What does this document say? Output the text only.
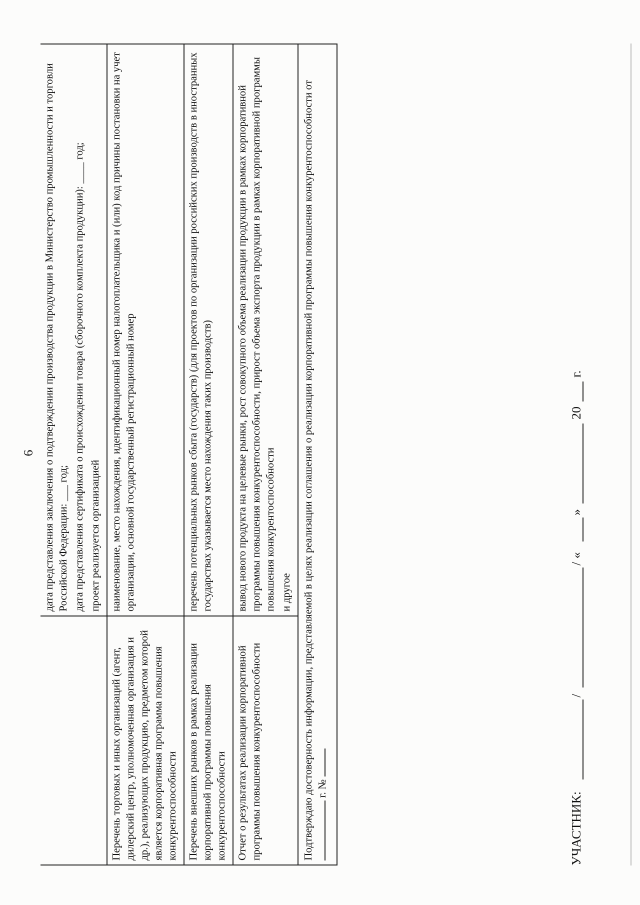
6

	дата представления заключения о подтверждении производства продукции в Министерство промышленности и торговли Российской Федерации: ___ год; дата представления сертификата о происхождении товара (сборочного комплекта продукции): ____ год; проект реализуется организацией

Перечень торговых и иных организаций (агент, дилерский центр, уполномоченная организация и др.), реализующих продукцию, предметом которой является корпоративная программа повышения конкурентоспособности	наименование, место нахождения, идентификационный номер налогоплательщика и (или) код причины постановки на учет организации, основной государственный регистрационный номер
Перечень внешних рынков в рамках реализации корпоративной программы повышения конкурентоспособности	перечень потенциальных рынков сбыта (государств) (для проектов по организации российских производств в иностранных государствах указывается место нахождения таких производств)
Отчет о результатах реализации корпоративной программы повышения конкурентоспособности	вывод нового продукта на целевые рынки, рост совокупного объема реализации продукции в рамках корпоративной программы повышения конкурентоспособности, прирост объема экспорта продукции в рамках корпоративной программы повышения конкурентоспособности и другое

Подтверждаю достоверность информации, представляемой в целях реализации соглашения о реализации корпоративной программы повышения конкурентоспособности от г. №	
УЧАСТНИК:
/
/ «
»
20
г.
